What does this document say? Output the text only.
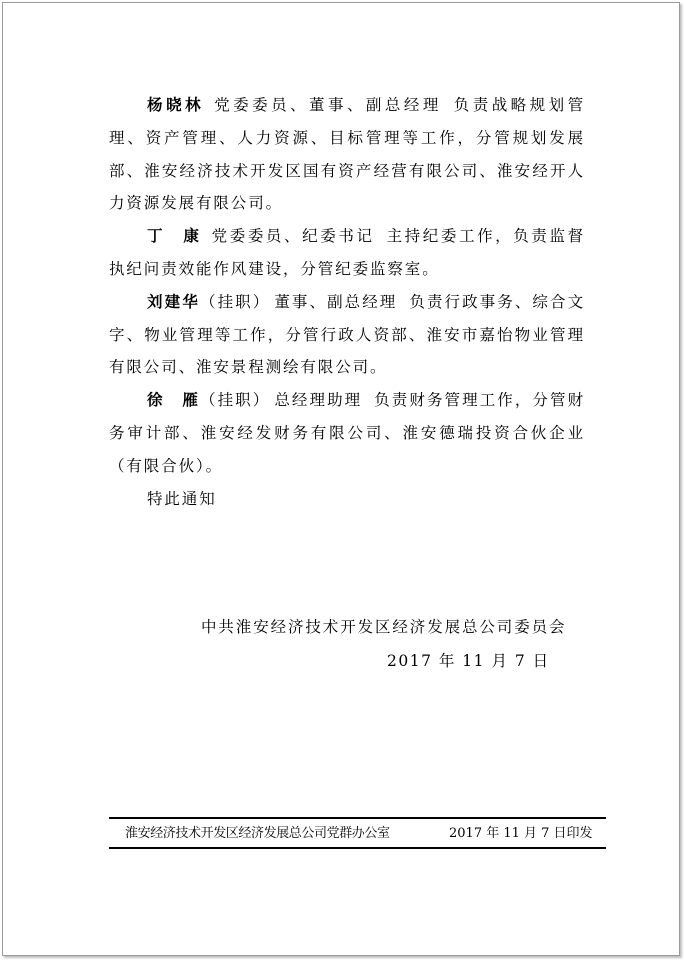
杨晓林 党委委员、董事、副总经理 负责战略规划管理、资产管理、人力资源、目标管理等工作，分管规划发展部、淮安经济技术开发区国有资产经营有限公司、淮安经开人力资源发展有限公司。

丁　康 党委委员、纪委书记 主持纪委工作，负责监督执纪问责效能作风建设，分管纪委监察室。

刘建华（挂职） 董事、副总经理 负责行政事务、综合文字、物业管理等工作，分管行政人资部、淮安市嘉怡物业管理有限公司、淮安景程测绘有限公司。

徐　雁（挂职） 总经理助理 负责财务管理工作，分管财务审计部、淮安经发财务有限公司、淮安德瑞投资合伙企业（有限合伙）。

特此通知

中共淮安经济技术开发区经济发展总公司委员会
2017 年 11 月 7 日
淮安经济技术开发区经济发展总公司党群办公室	2017 年 11 月 7 日印发
